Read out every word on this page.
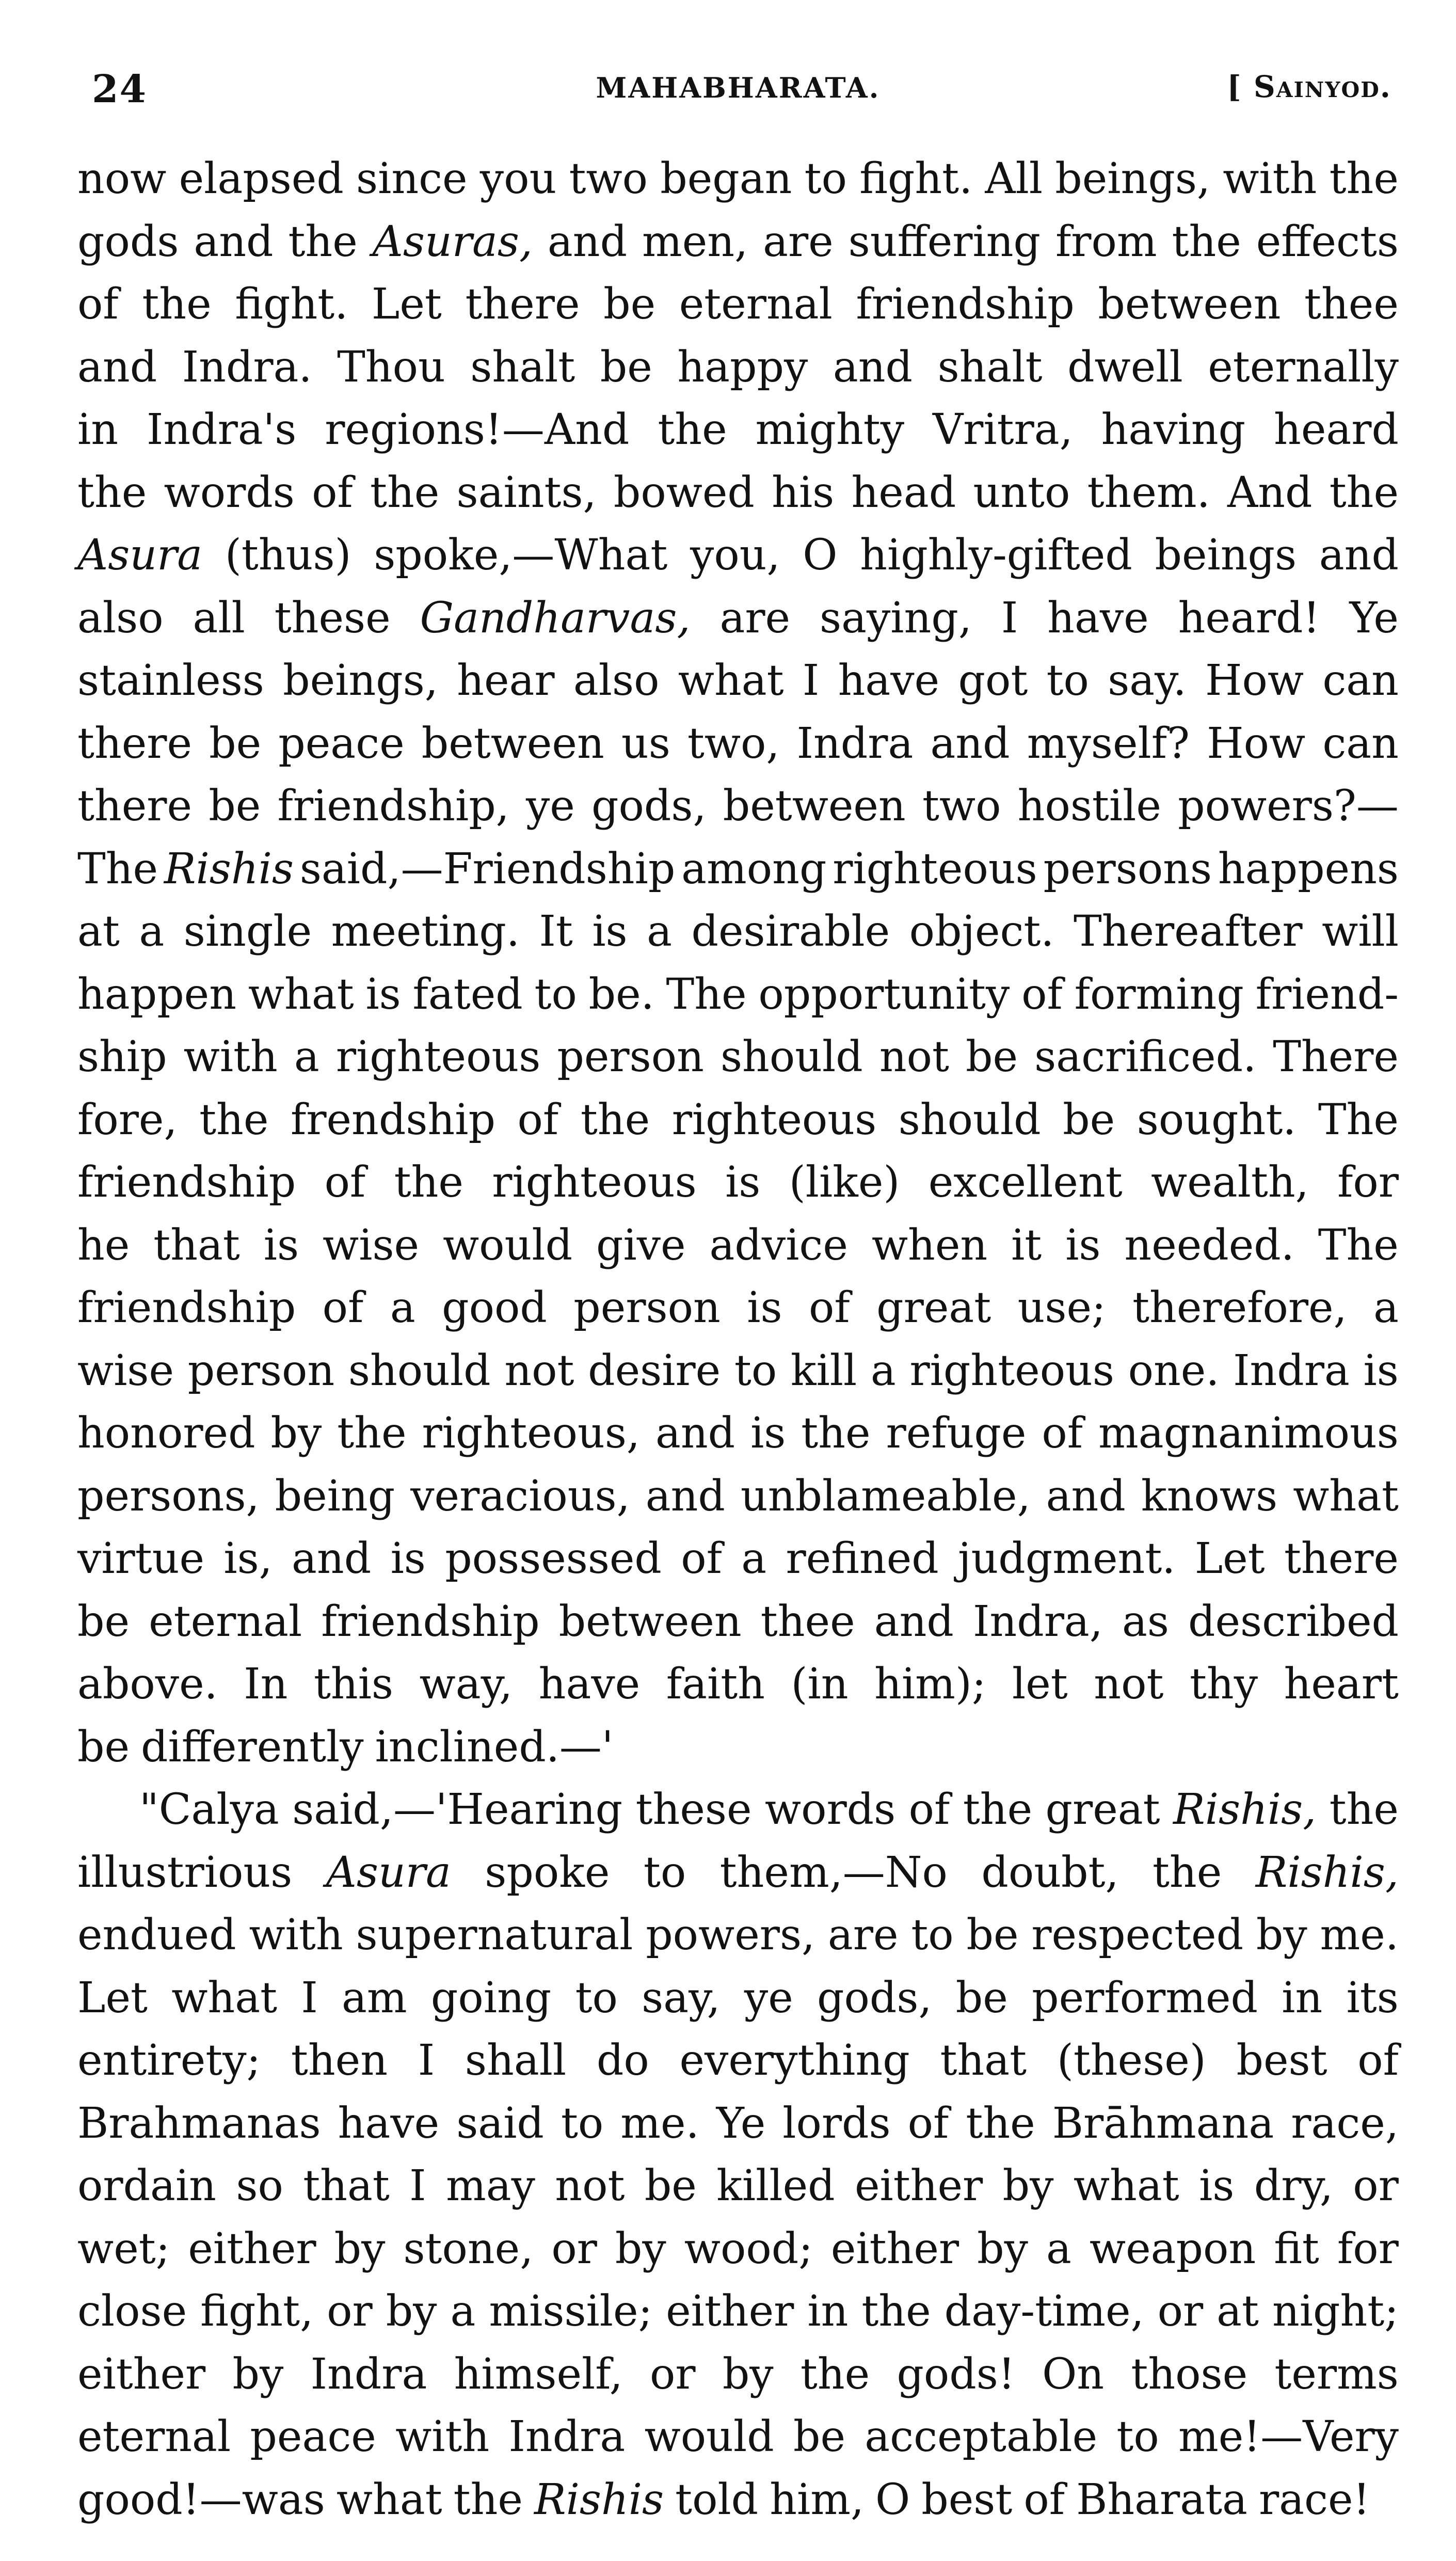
24	MAHABHARATA.	[ Sainyod.
now elapsed since you two began to fight. All beings, with the
gods and the Asuras, and men, are suffering from the effects
of the fight. Let there be eternal friendship between thee
and Indra. Thou shalt be happy and shalt dwell eternally
in Indra's regions!—And the mighty Vritra, having heard
the words of the saints, bowed his head unto them. And the
Asura (thus) spoke,—What you, O highly-gifted beings and
also all these Gandharvas, are saying, I have heard! Ye
stainless beings, hear also what I have got to say. How can
there be peace between us two, Indra and myself? How can
there be friendship, ye gods, between two hostile powers?—
The Rishis said,—Friendship among righteous persons happens
at a single meeting. It is a desirable object. Thereafter will
happen what is fated to be. The opportunity of forming friend-
ship with a righteous person should not be sacrificed. There
fore, the frendship of the righteous should be sought. The
friendship of the righteous is (like) excellent wealth, for
he that is wise would give advice when it is needed. The
friendship of a good person is of great use; therefore, a
wise person should not desire to kill a righteous one. Indra is
honored by the righteous, and is the refuge of magnanimous
persons, being veracious, and unblameable, and knows what
virtue is, and is possessed of a refined judgment. Let there
be eternal friendship between thee and Indra, as described
above. In this way, have faith (in him); let not thy heart
be differently inclined.—'
"Calya said,—'Hearing these words of the great Rishis, the
illustrious Asura spoke to them,—No doubt, the Rishis,
endued with supernatural powers, are to be respected by me.
Let what I am going to say, ye gods, be performed in its
entirety; then I shall do everything that (these) best of
Brahmanas have said to me. Ye lords of the Brāhmana race,
ordain so that I may not be killed either by what is dry, or
wet; either by stone, or by wood; either by a weapon fit for
close fight, or by a missile; either in the day-time, or at night;
either by Indra himself, or by the gods! On those terms
eternal peace with Indra would be acceptable to me!—Very
good!—was what the Rishis told him, O best of Bharata race!
